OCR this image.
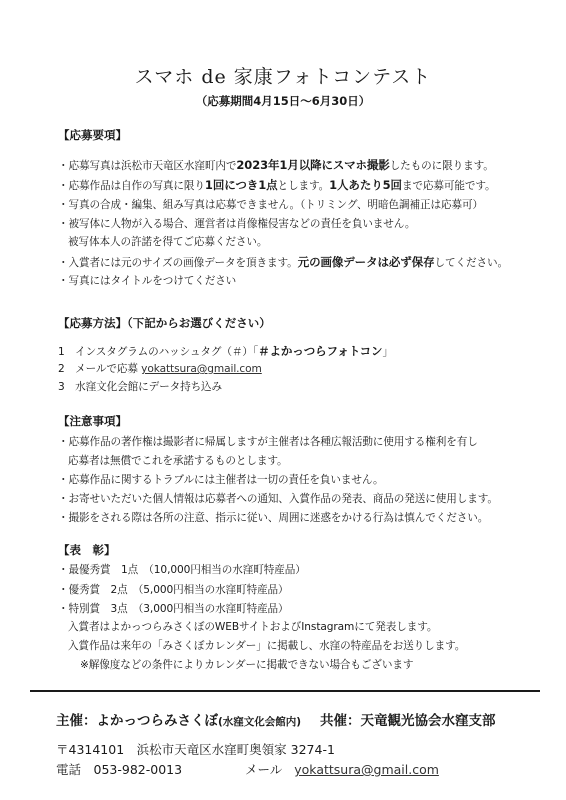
スマホ de 家康フォトコンテスト
（応募期間4月15日～6月30日）
【応募要項】
・応募写真は浜松市天竜区水窪町内で2023年1月以降にスマホ撮影したものに限ります。
・応募作品は自作の写真に限り1回につき1点とします。1人あたり5回まで応募可能です。
・写真の合成・編集、組み写真は応募できません。（トリミング、明暗色調補正は応募可）
・被写体に人物が入る場合、運営者は肖像権侵害などの責任を負いません。
被写体本人の許諾を得てご応募ください。
・入賞者には元のサイズの画像データを頂きます。元の画像データは必ず保存してください。
・写真にはタイトルをつけてください
【応募方法】（下記からお選びください）
1　インスタグラムのハッシュタグ（＃）「＃よかっつらフォトコン」
2　メールで応募 yokattsura@gmail.com
3　水窪文化会館にデータ持ち込み
【注意事項】
・応募作品の著作権は撮影者に帰属しますが主催者は各種広報活動に使用する権利を有し
応募者は無償でこれを承諾するものとします。
・応募作品に関するトラブルには主催者は一切の責任を負いません。
・お寄せいただいた個人情報は応募者への通知、入賞作品の発表、商品の発送に使用します。
・撮影をされる際は各所の注意、指示に従い、周囲に迷惑をかける行為は慎んでください。
【表　彰】
・最優秀賞　1点　（10,000円相当の水窪町特産品）
・優秀賞　2点　（5,000円相当の水窪町特産品）
・特別賞　3点　（3,000円相当の水窪町特産品）
入賞者はよかっつらみさくぼのWEBサイトおよびInstagramにて発表します。
入賞作品は来年の「みさくぼカレンダー」に掲載し、水窪の特産品をお送りします。
※解像度などの条件によりカレンダーに掲載できない場合もございます
主催：よかっつらみさくぼ(水窪文化会館内) 共催：天竜観光協会水窪支部
〒4314101　浜松市天竜区水窪町奥領家 3274-1
電話　053-982-0013	メール yokattsura@gmail.com
